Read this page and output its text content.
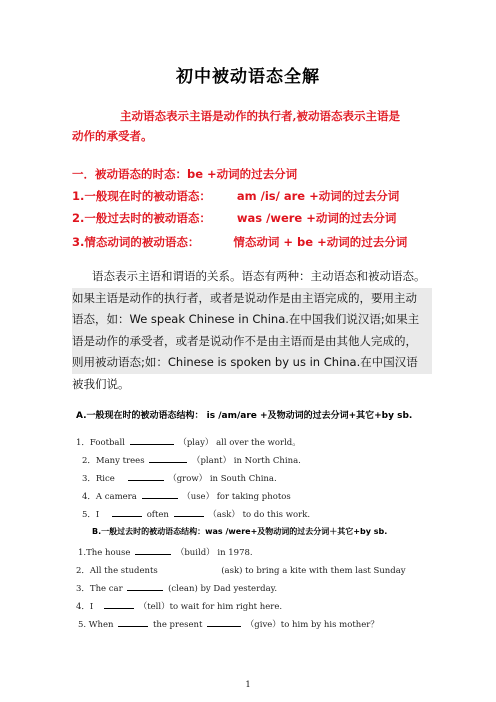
初中被动语态全解
主动语态表示主语是动作的执行者,被动语态表示主语是
动作的承受者。
一．被动语态的时态：be +动词的过去分词
1.一般现在时的被动语态： am /is/ are +动词的过去分词
2.一般过去时的被动语态： was /were +动词的过去分词
3.情态动词的被动语态：	情态动词 + be +动词的过去分词
语态表示主语和谓语的关系。语态有两种：主动语态和被动语态。
如果主语是动作的执行者，或者是说动作是由主语完成的，要用主动
语态，如：We speak Chinese in China.在中国我们说汉语;如果主
语是动作的承受者，或者是说动作不是由主语而是由其他人完成的，
则用被动语态;如：Chinese is spoken by us in China.在中国汉语
被我们说。
A.一般现在时的被动语态结构： is /am/are +及物动词的过去分词+其它+by sb.
1．Football	（play） all over the world。
2．Many trees	（plant） in North China.
3．Rice	（grow） in South China.
4．A camera	（use） for taking photos
5．I	often	（ask） to do this work.
B.一般过去时的被动语态结构：was /were+及物动词的过去分词＋其它+by sb.
1.The house	（build） in 1978.
2．All the students	(ask) to bring a kite with them last Sunday
3．The car	(clean) by Dad yesterday.
4．I	（tell）to wait for him right here.
5. When	the present	（give）to him by his mother？
1
